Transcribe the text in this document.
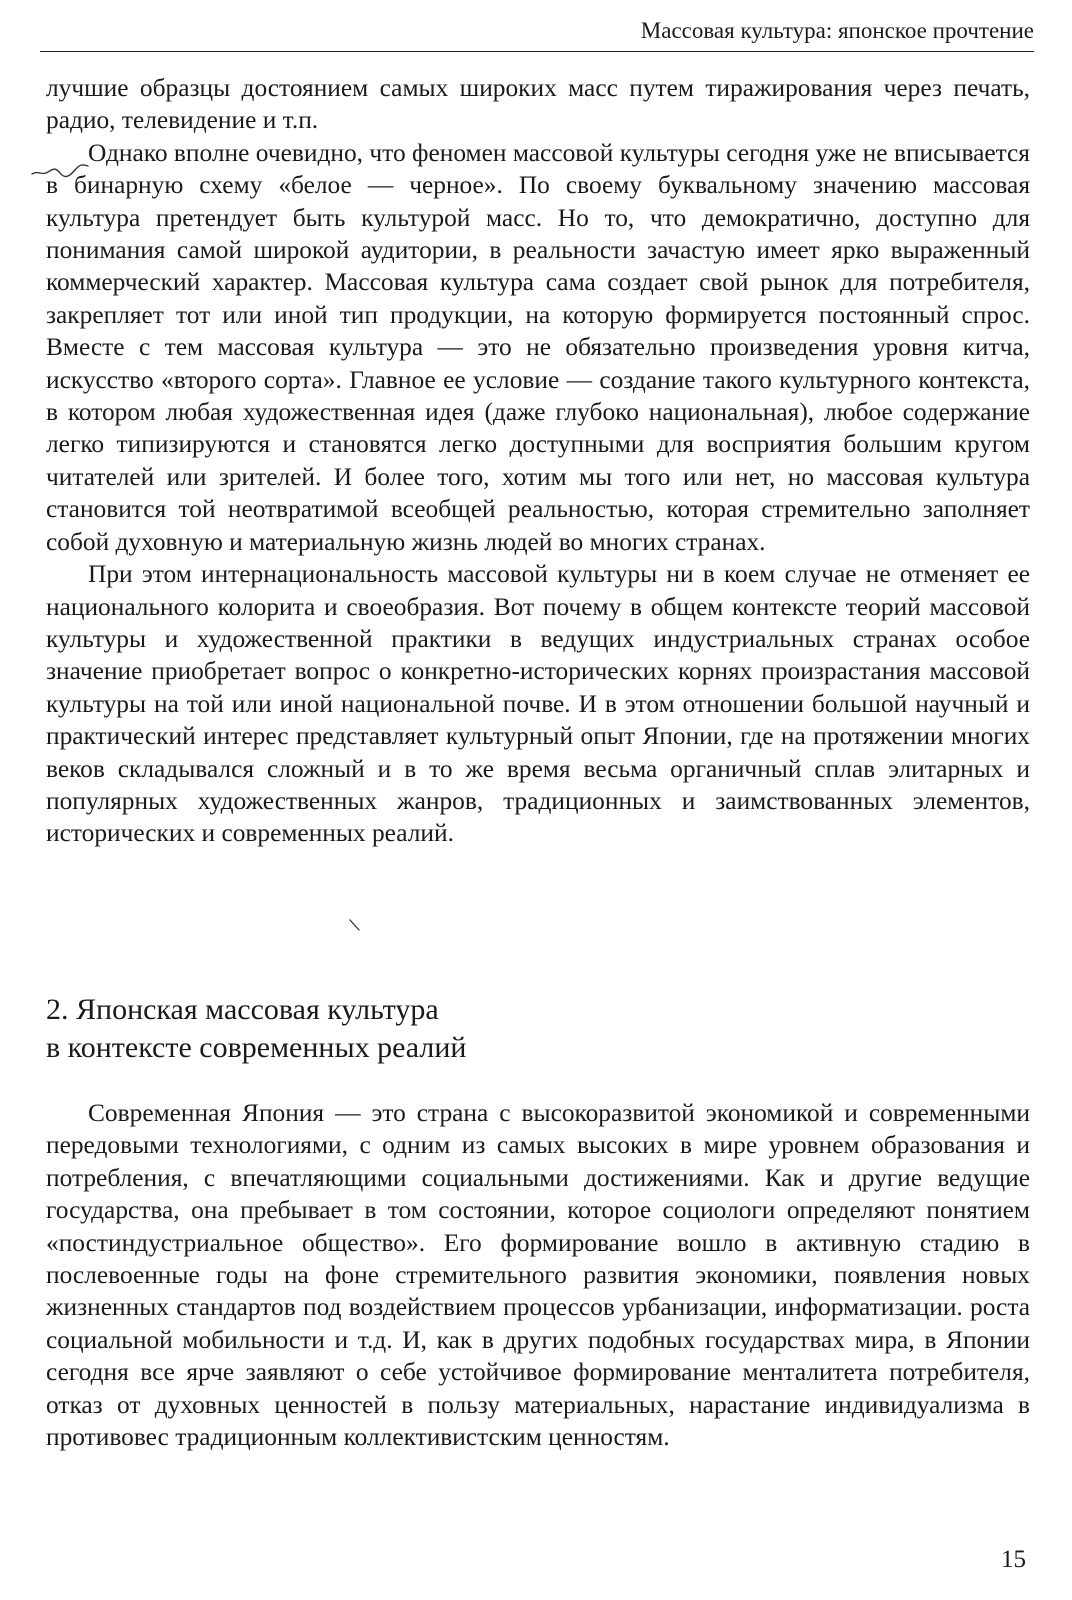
Массовая культура: японское прочтение

лучшие образцы достоянием самых широких масс путем тиражирования через печать, радио, телевидение и т.п.

Однако вполне очевидно, что феномен массовой культуры сегодня уже не вписывается в бинарную схему «белое — черное». По своему буквальному значению массовая культура претендует быть культурой масс. Но то, что демократично, доступно для понимания самой широкой аудитории, в реальности зачастую имеет ярко выраженный коммерческий характер. Массовая культура сама создает свой рынок для потребителя, закрепляет тот или иной тип продукции, на которую формируется постоянный спрос. Вместе с тем массовая культура — это не обязательно произведения уровня китча, искусство «второго сорта». Главное ее условие — создание такого культурного контекста, в котором любая художественная идея (даже глубоко национальная), любое содержание легко типизируются и становятся легко доступными для восприятия большим кругом читателей или зрителей. И более того, хотим мы того или нет, но массовая культура становится той неотвратимой всеобщей реальностью, которая стремительно заполняет собой духовную и материальную жизнь людей во многих странах.

При этом интернациональность массовой культуры ни в коем случае не отменяет ее национального колорита и своеобразия. Вот почему в общем контексте теорий массовой культуры и художественной практики в ведущих индустриальных странах особое значение приобретает вопрос о конкретно-исторических корнях произрастания массовой культуры на той или иной национальной почве. И в этом отношении большой научный и практический интерес представляет культурный опыт Японии, где на протяжении многих веков складывался сложный и в то же время весьма органичный сплав элитарных и популярных художественных жанров, традиционных и заимствованных элементов, исторических и современных реалий.

2. Японская массовая культура
в контексте современных реалий

Современная Япония — это страна с высокоразвитой экономикой и современными передовыми технологиями, с одним из самых высоких в мире уровнем образования и потребления, с впечатляющими социальными достижениями. Как и другие ведущие государства, она пребывает в том состоянии, которое социологи определяют понятием «постиндустриальное общество». Его формирование вошло в активную стадию в послевоенные годы на фоне стремительного развития экономики, появления новых жизненных стандартов под воздействием процессов урбанизации, информатизации. роста социальной мобильности и т.д. И, как в других подобных государствах мира, в Японии сегодня все ярче заявляют о себе устойчивое формирование менталитета потребителя, отказ от духовных ценностей в пользу материальных, нарастание индивидуализма в противовес традиционным коллективистским ценностям.

15
